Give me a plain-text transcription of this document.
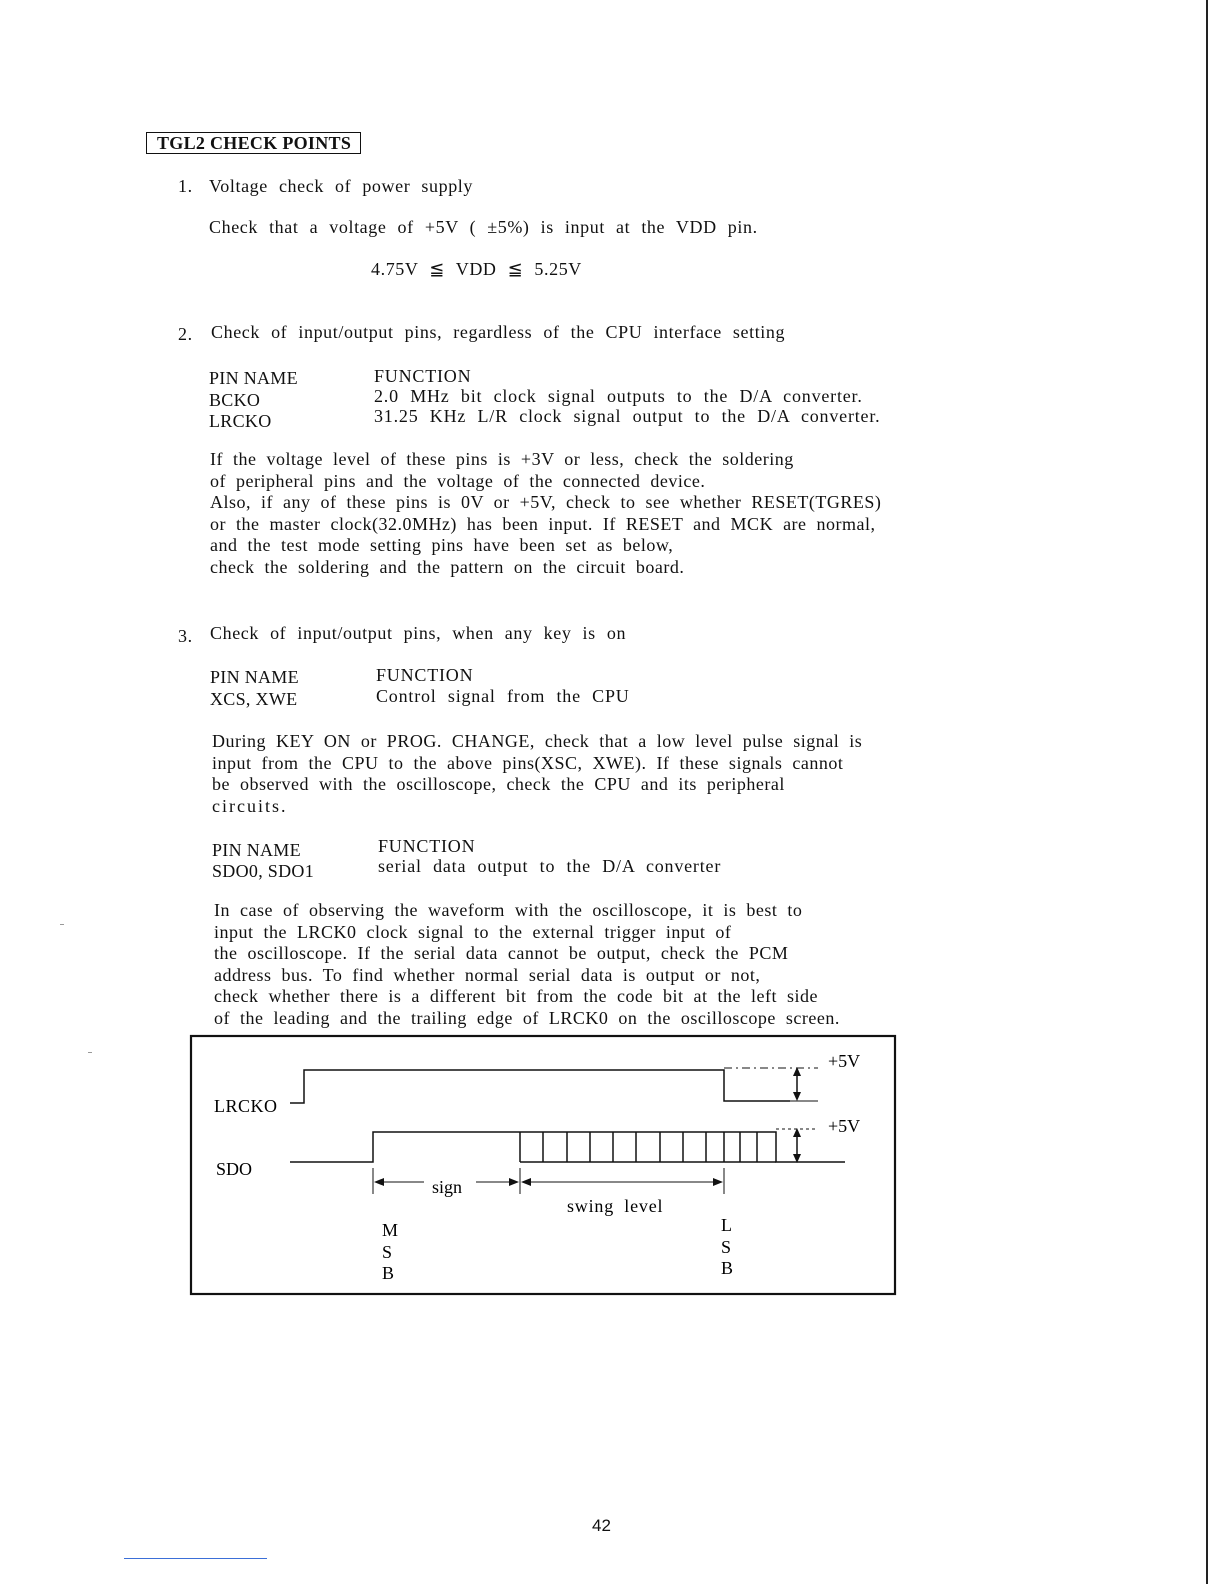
TGL2 CHECK POINTS
1. Voltage check of power supply
Check that a voltage of +5V ( ±5%) is input at the VDD pin.
4.75V ≦ VDD ≦ 5.25V
2. Check of input/output pins, regardless of the CPU interface setting
PIN NAME	FUNCTION
BCKO	2.0 MHz bit clock signal outputs to the D/A converter.
LRCKO	31.25 KHz L/R clock signal output to the D/A converter.
If the voltage level of these pins is +3V or less, check the soldering
of peripheral pins and the voltage of the connected device.
Also, if any of these pins is 0V or +5V, check to see whether RESET(TGRES)
or the master clock(32.0MHz) has been input. If RESET and MCK are normal,
and the test mode setting pins have been set as below,
check the soldering and the pattern on the circuit board.
3. Check of input/output pins, when any key is on
PIN NAME	FUNCTION
XCS, XWE	Control signal from the CPU
During KEY ON or PROG. CHANGE, check that a low level pulse signal is
input from the CPU to the above pins(XSC, XWE). If these signals cannot
be observed with the oscilloscope, check the CPU and its peripheral
circuits.
PIN NAME	FUNCTION
SDO0, SDO1	serial data output to the D/A converter
In case of observing the waveform with the oscilloscope, it is best to
input the LRCK0 clock signal to the external trigger input of
the oscilloscope. If the serial data cannot be output, check the PCM
address bus. To find whether normal serial data is output or not,
check whether there is a different bit from the code bit at the left side
of the leading and the trailing edge of LRCK0 on the oscilloscope screen.
LRCKO
+5V
SDO
+5V
sign
swing level
M
S
B
L
S
B
42
